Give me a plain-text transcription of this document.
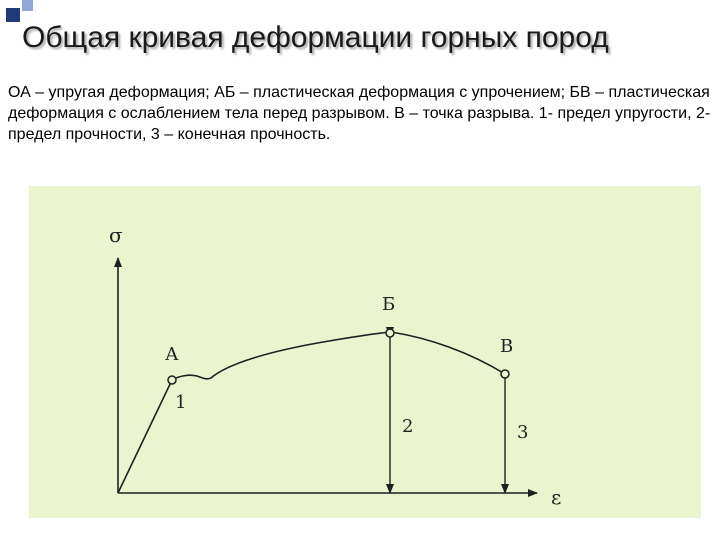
Общая кривая деформации горных пород

ОА – упругая деформация; АБ – пластическая деформация с упрочением; БВ – пластическая деформация с ослаблением тела перед разрывом. В – точка разрыва. 1- предел упругости, 2- предел прочности, 3 – конечная прочность.

σ
ε
А
Б
В
1
2	3
